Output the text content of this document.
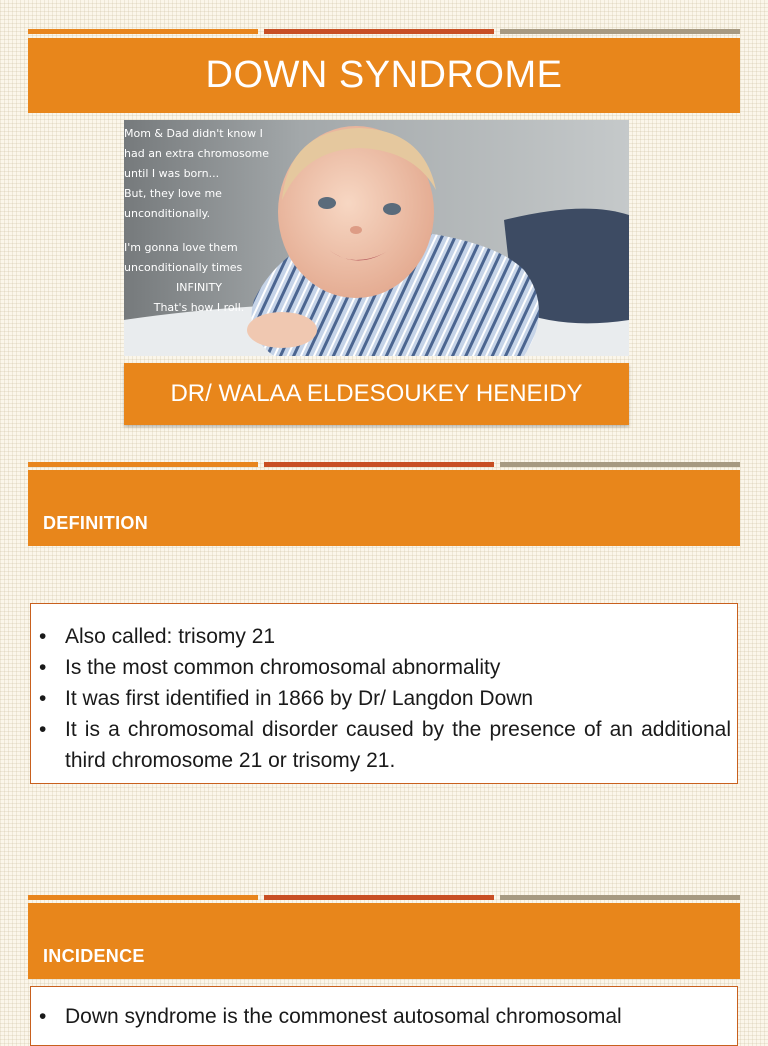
DOWN SYNDROME
Mom & Dad didn't know I
had an extra chromosome
until I was born...
But, they love me
unconditionally.
I'm gonna love them
unconditionally times
INFINITY
That's how I roll.
DR/ WALAA ELDESOUKEY HENEIDY
DEFINITION
• Also called: trisomy 21
• Is the most common chromosomal abnormality
• It was first identified in 1866 by Dr/ Langdon Down
• It is a chromosomal disorder caused by the presence of an additional third chromosome 21 or trisomy 21.
INCIDENCE
• Down syndrome is the commonest autosomal chromosomal
